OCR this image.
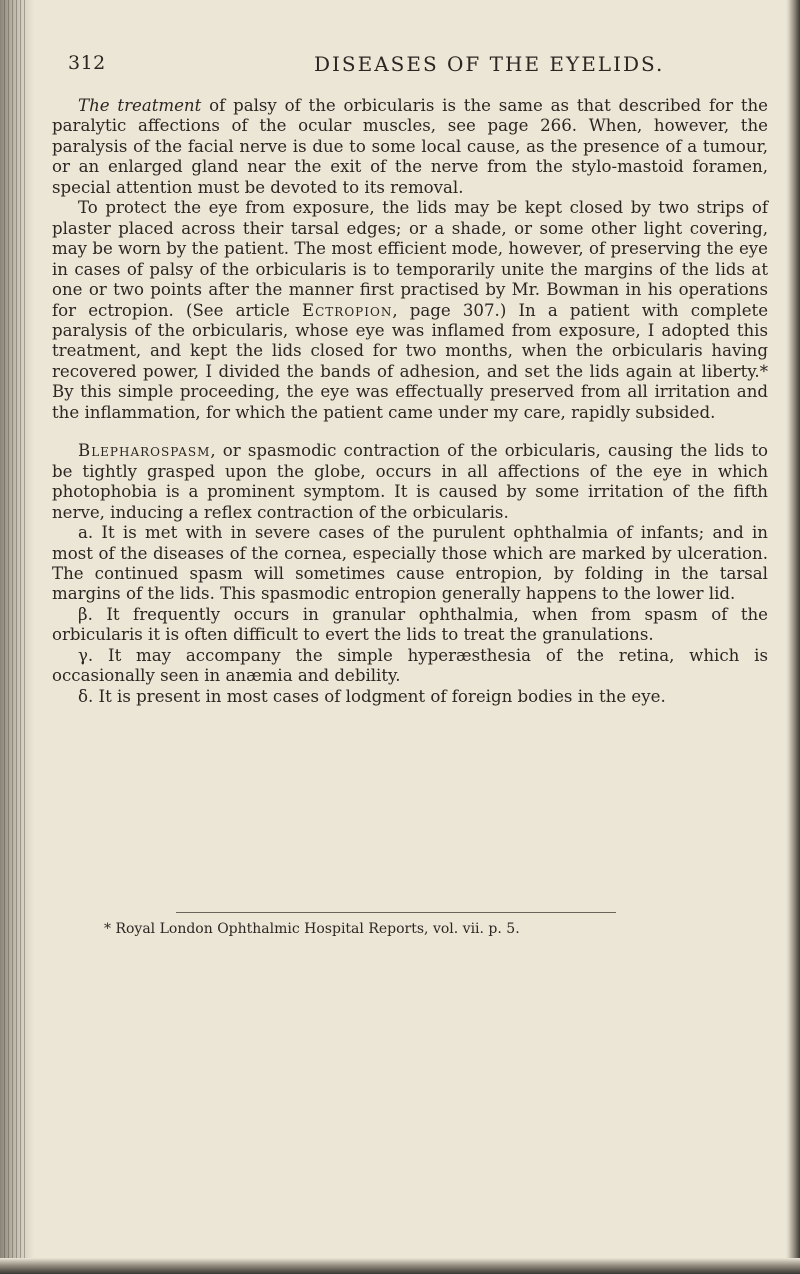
312	DISEASES OF THE EYELIDS.

The treatment of palsy of the orbicularis is the same as that described for the paralytic affections of the ocular muscles, see page 266. When, however, the paralysis of the facial nerve is due to some local cause, as the presence of a tumour, or an enlarged gland near the exit of the nerve from the stylo-mastoid foramen, special attention must be devoted to its removal.

To protect the eye from exposure, the lids may be kept closed by two strips of plaster placed across their tarsal edges; or a shade, or some other light covering, may be worn by the patient. The most efficient mode, however, of preserving the eye in cases of palsy of the orbicularis is to temporarily unite the margins of the lids at one or two points after the manner first practised by Mr. Bowman in his operations for ectropion. (See article Ectropion, page 307.) In a patient with complete paralysis of the orbicularis, whose eye was inflamed from exposure, I adopted this treatment, and kept the lids closed for two months, when the orbicularis having recovered power, I divided the bands of adhesion, and set the lids again at liberty.* By this simple proceeding, the eye was effectually preserved from all irritation and the inflammation, for which the patient came under my care, rapidly subsided.

Blepharospasm, or spasmodic contraction of the orbicularis, causing the lids to be tightly grasped upon the globe, occurs in all affections of the eye in which photophobia is a prominent symptom. It is caused by some irritation of the fifth nerve, inducing a reflex contraction of the orbicularis.

a. It is met with in severe cases of the purulent ophthalmia of infants; and in most of the diseases of the cornea, especially those which are marked by ulceration. The continued spasm will sometimes cause entropion, by folding in the tarsal margins of the lids. This spasmodic entropion generally happens to the lower lid.

β. It frequently occurs in granular ophthalmia, when from spasm of the orbicularis it is often difficult to evert the lids to treat the granulations.

γ. It may accompany the simple hyperæsthesia of the retina, which is occasionally seen in anæmia and debility.

δ. It is present in most cases of lodgment of foreign bodies in the eye.

* Royal London Ophthalmic Hospital Reports, vol. vii. p. 5.
